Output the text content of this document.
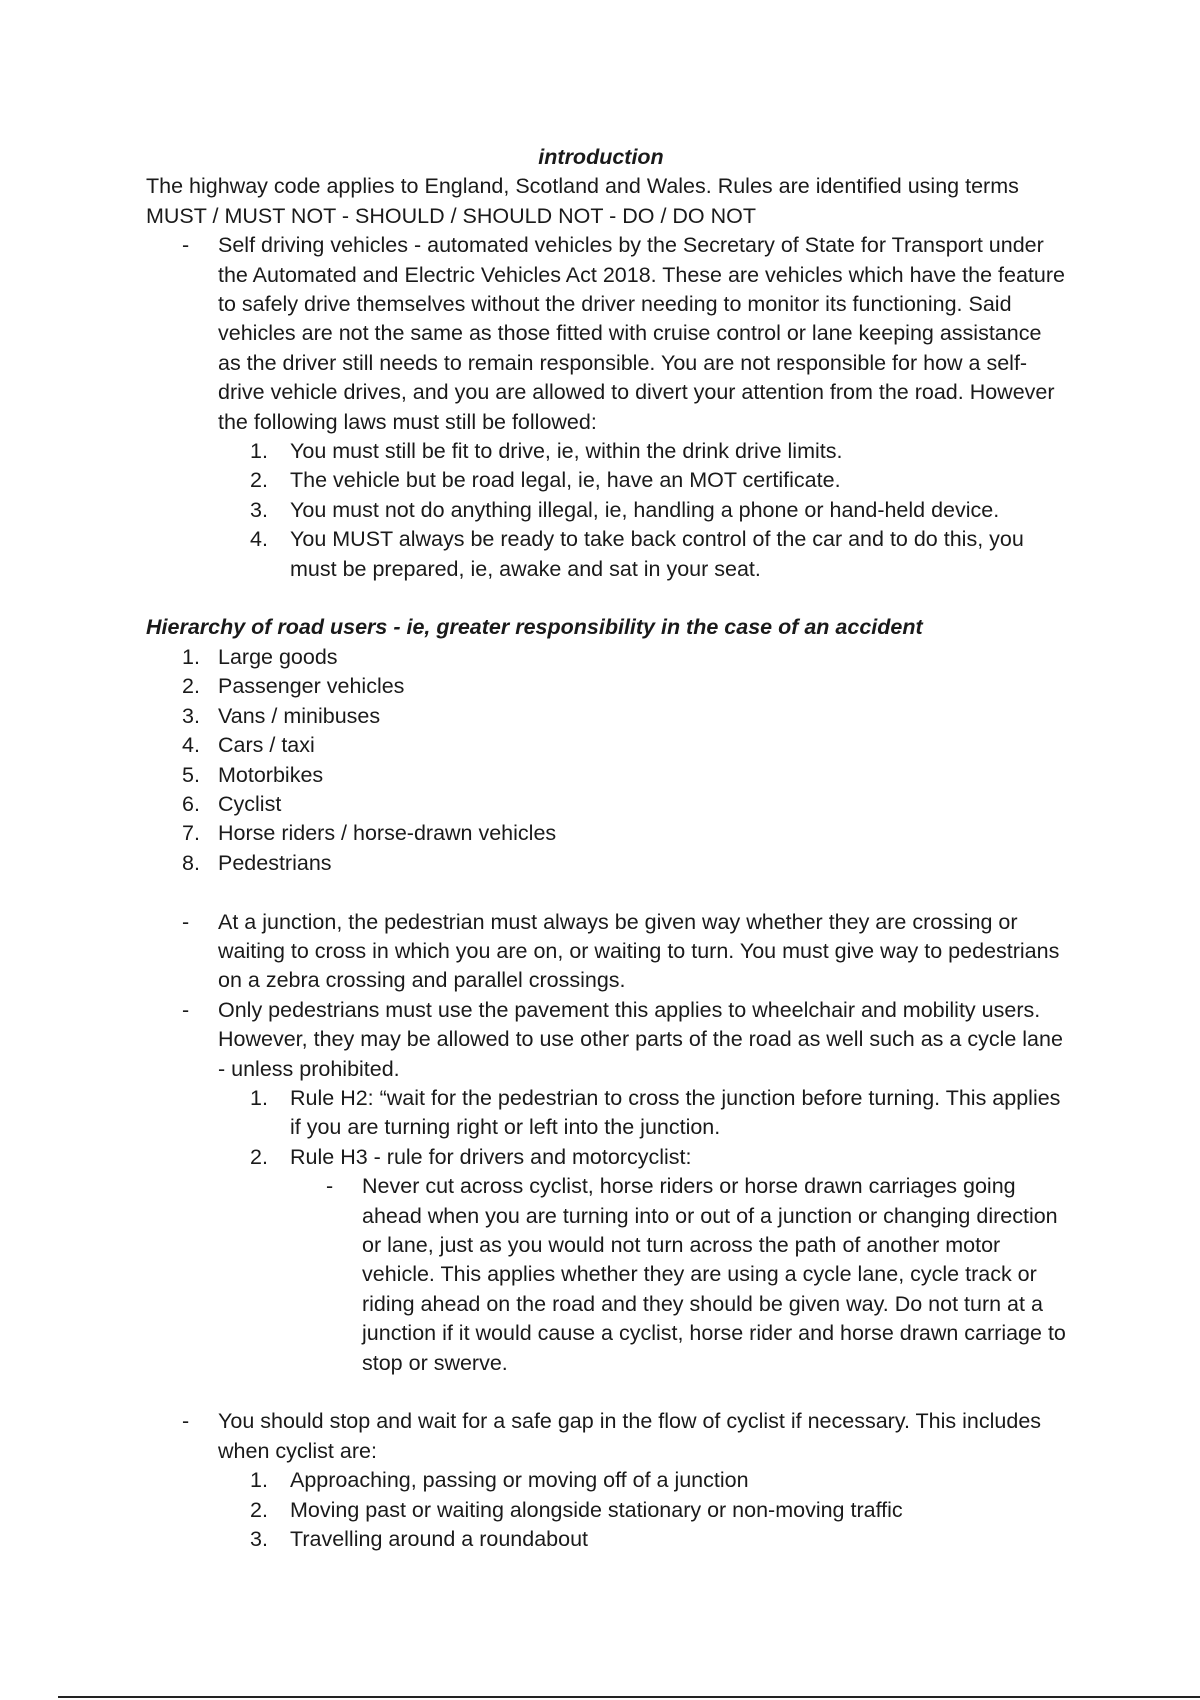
introduction

The highway code applies to England, Scotland and Wales. Rules are identified using terms MUST / MUST NOT - SHOULD / SHOULD NOT - DO / DO NOT

- Self driving vehicles - automated vehicles by the Secretary of State for Transport under the Automated and Electric Vehicles Act 2018. These are vehicles which have the feature to safely drive themselves without the driver needing to monitor its functioning. Said vehicles are not the same as those fitted with cruise control or lane keeping assistance as the driver still needs to remain responsible. You are not responsible for how a self-drive vehicle drives, and you are allowed to divert your attention from the road. However the following laws must still be followed:
1.	You must still be fit to drive, ie, within the drink drive limits.
2.	The vehicle but be road legal, ie, have an MOT certificate.
3.	You must not do anything illegal, ie, handling a phone or hand-held device.
4.	You MUST always be ready to take back control of the car and to do this, you must be prepared, ie, awake and sat in your seat.

Hierarchy of road users - ie, greater responsibility in the case of an accident

1. Large goods
2. Passenger vehicles
3. Vans / minibuses
4. Cars / taxi
5. Motorbikes
6. Cyclist
7. Horse riders / horse-drawn vehicles
8. Pedestrians
- At a junction, the pedestrian must always be given way whether they are crossing or waiting to cross in which you are on, or waiting to turn. You must give way to pedestrians on a zebra crossing and parallel crossings.
- Only pedestrians must use the pavement this applies to wheelchair and mobility users. However, they may be allowed to use other parts of the road as well such as a cycle lane - unless prohibited.
1.	Rule H2: “wait for the pedestrian to cross the junction before turning. This applies if you are turning right or left into the junction.
2.	Rule H3 - rule for drivers and motorcyclist:
- Never cut across cyclist, horse riders or horse drawn carriages going ahead when you are turning into or out of a junction or changing direction or lane, just as you would not turn across the path of another motor vehicle. This applies whether they are using a cycle lane, cycle track or riding ahead on the road and they should be given way. Do not turn at a junction if it would cause a cyclist, horse rider and horse drawn carriage to stop or swerve.
- You should stop and wait for a safe gap in the flow of cyclist if necessary. This includes when cyclist are:
1.	Approaching, passing or moving off of a junction
2.	Moving past or waiting alongside stationary or non-moving traffic
3.	Travelling around a roundabout
